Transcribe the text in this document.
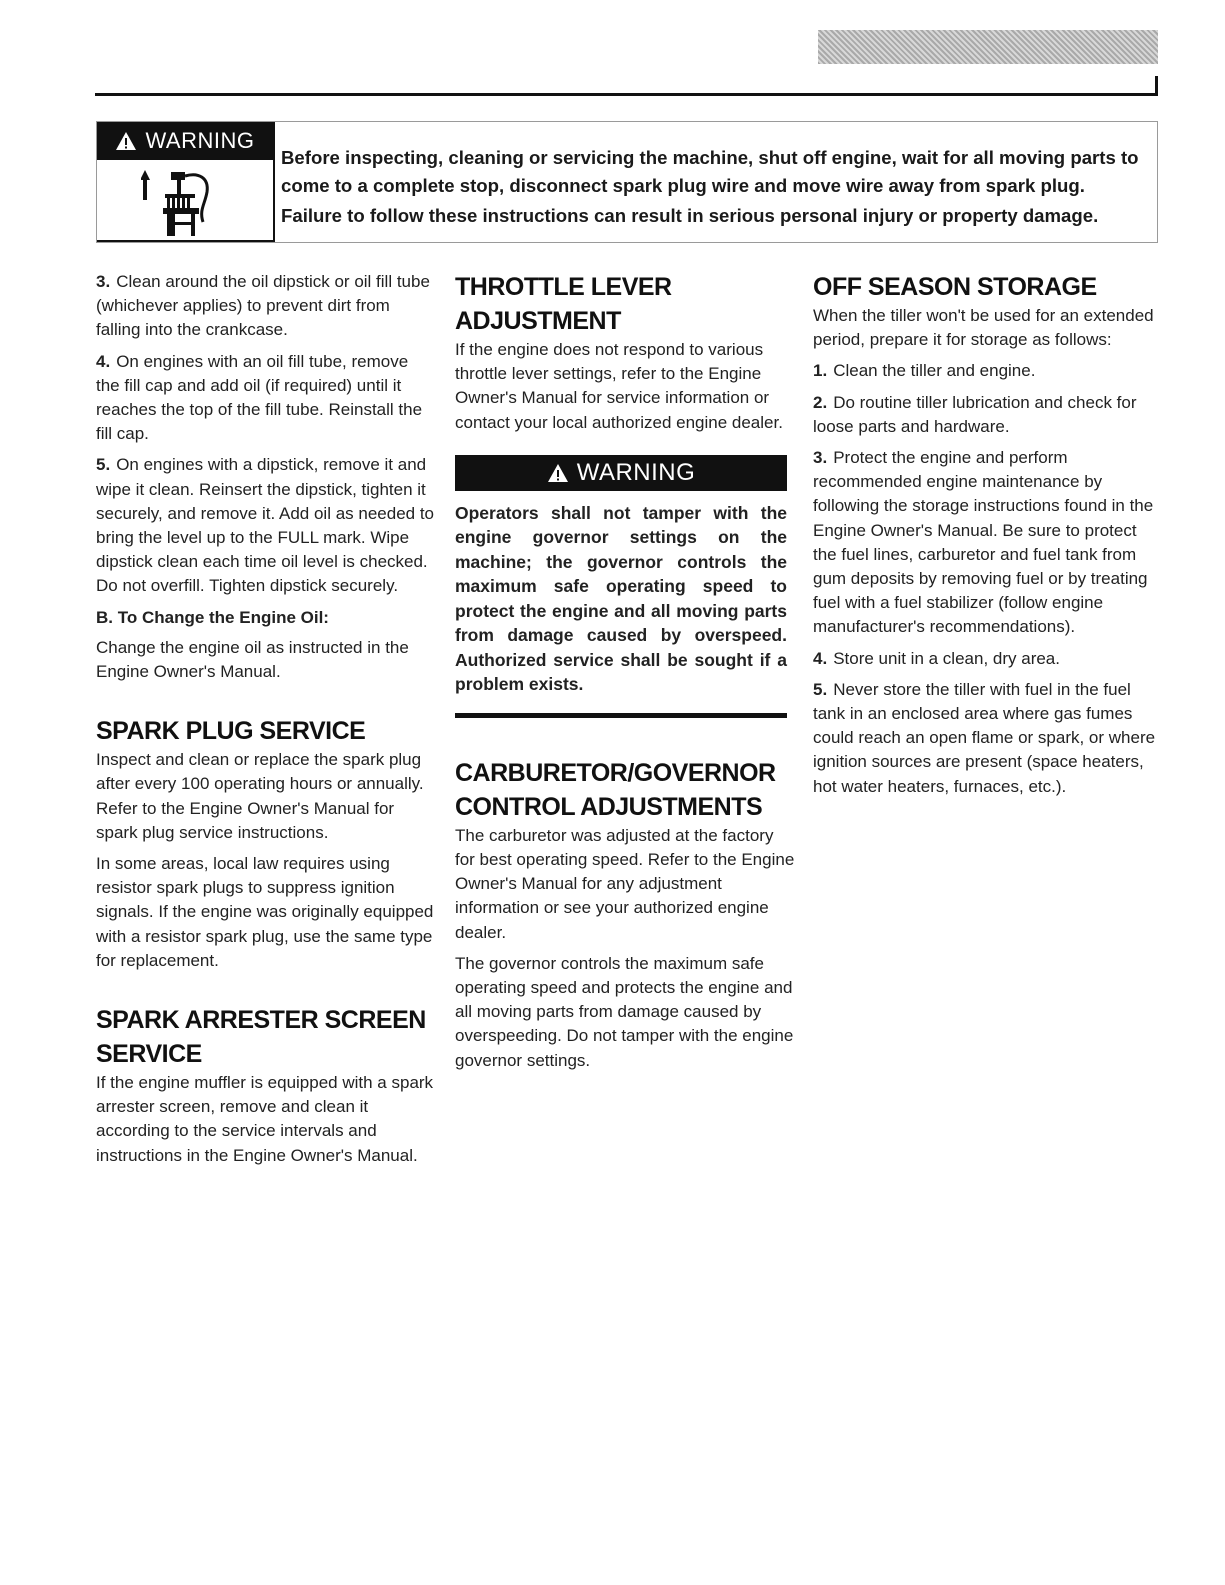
WARNING

Before inspecting, cleaning or servicing the machine, shut off engine, wait for all moving parts to come to a complete stop, disconnect spark plug wire and move wire away from spark plug.

Failure to follow these instructions can result in serious personal injury or property damage.

3. Clean around the oil dipstick or oil fill tube (whichever applies) to prevent dirt from falling into the crankcase.

4. On engines with an oil fill tube, remove the fill cap and add oil (if required) until it reaches the top of the fill tube. Reinstall the fill cap.

5. On engines with a dipstick, remove it and wipe it clean. Reinsert the dipstick, tighten it securely, and remove it. Add oil as needed to bring the level up to the FULL mark. Wipe dipstick clean each time oil level is checked. Do not overfill. Tighten dipstick securely.

B. To Change the Engine Oil:

Change the engine oil as instructed in the Engine Owner's Manual.

SPARK PLUG SERVICE

Inspect and clean or replace the spark plug after every 100 operating hours or annually. Refer to the Engine Owner's Manual for spark plug service instructions.

In some areas, local law requires using resistor spark plugs to suppress ignition signals. If the engine was originally equipped with a resistor spark plug, use the same type for replacement.

SPARK ARRESTER SCREEN SERVICE

If the engine muffler is equipped with a spark arrester screen, remove and clean it according to the service intervals and instructions in the Engine Owner's Manual.

THROTTLE LEVER ADJUSTMENT

If the engine does not respond to various throttle lever settings, refer to the Engine Owner's Manual for service information or contact your local authorized engine dealer.

WARNING
Operators shall not tamper with the engine governor settings on the machine; the governor controls the maximum safe operating speed to protect the engine and all moving parts from damage caused by overspeed. Authorized service shall be sought if a problem exists.
CARBURETOR/GOVERNOR CONTROL ADJUSTMENTS

The carburetor was adjusted at the factory for best operating speed. Refer to the Engine Owner's Manual for any adjustment information or see your authorized engine dealer.

The governor controls the maximum safe operating speed and protects the engine and all moving parts from damage caused by overspeeding. Do not tamper with the engine governor settings.

OFF SEASON STORAGE

When the tiller won't be used for an extended period, prepare it for storage as follows:

1. Clean the tiller and engine.

2. Do routine tiller lubrication and check for loose parts and hardware.

3. Protect the engine and perform recommended engine maintenance by following the storage instructions found in the Engine Owner's Manual. Be sure to protect the fuel lines, carburetor and fuel tank from gum deposits by removing fuel or by treating fuel with a fuel stabilizer (follow engine manufacturer's recommendations).

4. Store unit in a clean, dry area.

5. Never store the tiller with fuel in the fuel tank in an enclosed area where gas fumes could reach an open flame or spark, or where ignition sources are present (space heaters, hot water heaters, furnaces, etc.).
